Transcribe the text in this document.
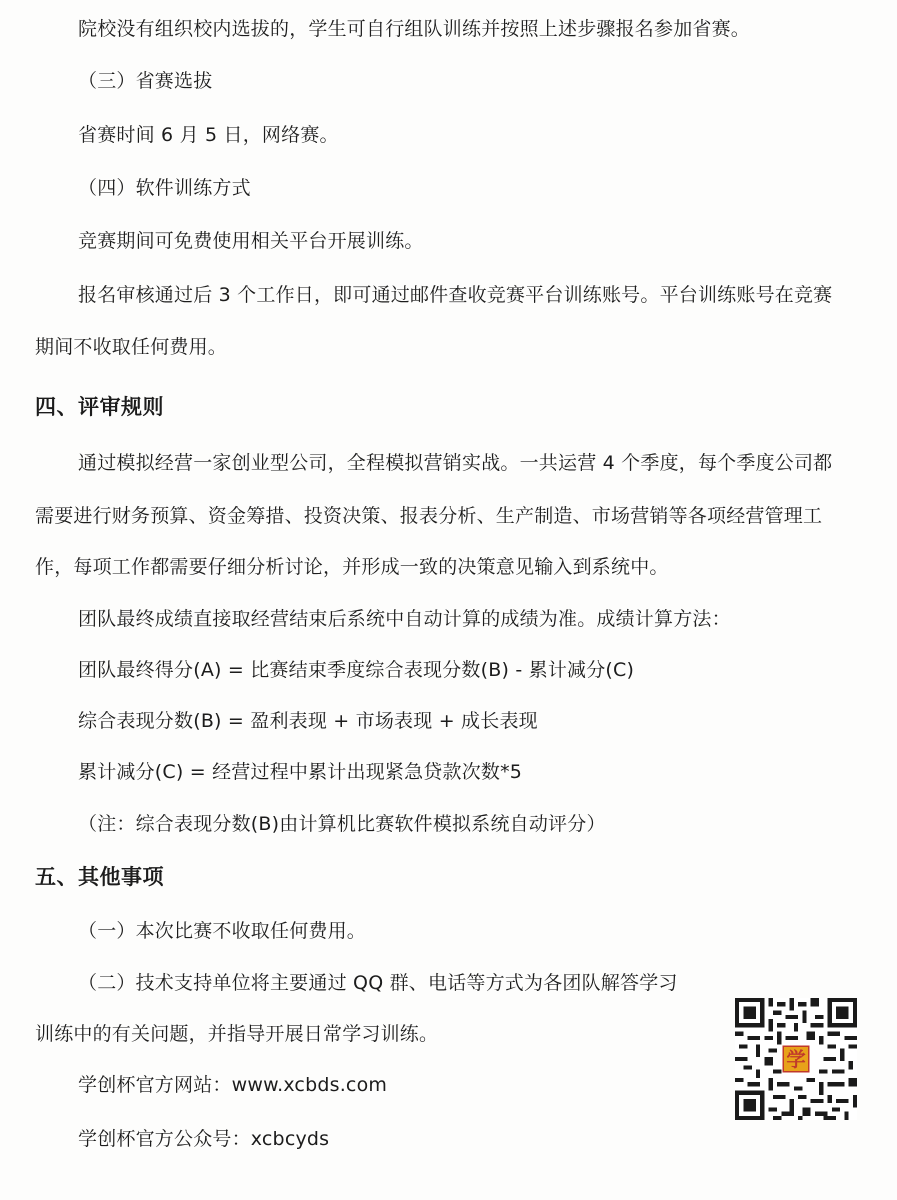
院校没有组织校内选拔的，学生可自行组队训练并按照上述步骤报名参加省赛。
（三）省赛选拔
省赛时间 6 月 5 日，网络赛。
（四）软件训练方式
竞赛期间可免费使用相关平台开展训练。
报名审核通过后 3 个工作日，即可通过邮件查收竞赛平台训练账号。平台训练账号在竞赛
期间不收取任何费用。
四、评审规则
通过模拟经营一家创业型公司，全程模拟营销实战。一共运营 4 个季度，每个季度公司都
需要进行财务预算、资金筹措、投资决策、报表分析、生产制造、市场营销等各项经营管理工
作，每项工作都需要仔细分析讨论，并形成一致的决策意见输入到系统中。
团队最终成绩直接取经营结束后系统中自动计算的成绩为准。成绩计算方法：
团队最终得分(A) = 比赛结束季度综合表现分数(B) - 累计减分(C)
综合表现分数(B) = 盈利表现 + 市场表现 + 成长表现
累计减分(C) = 经营过程中累计出现紧急贷款次数*5
（注：综合表现分数(B)由计算机比赛软件模拟系统自动评分）
五、其他事项
（一）本次比赛不收取任何费用。
（二）技术支持单位将主要通过 QQ 群、电话等方式为各团队解答学习
训练中的有关问题，并指导开展日常学习训练。
学创杯官方网站：www.xcbds.com
学创杯官方公众号：xcbcyds
学
